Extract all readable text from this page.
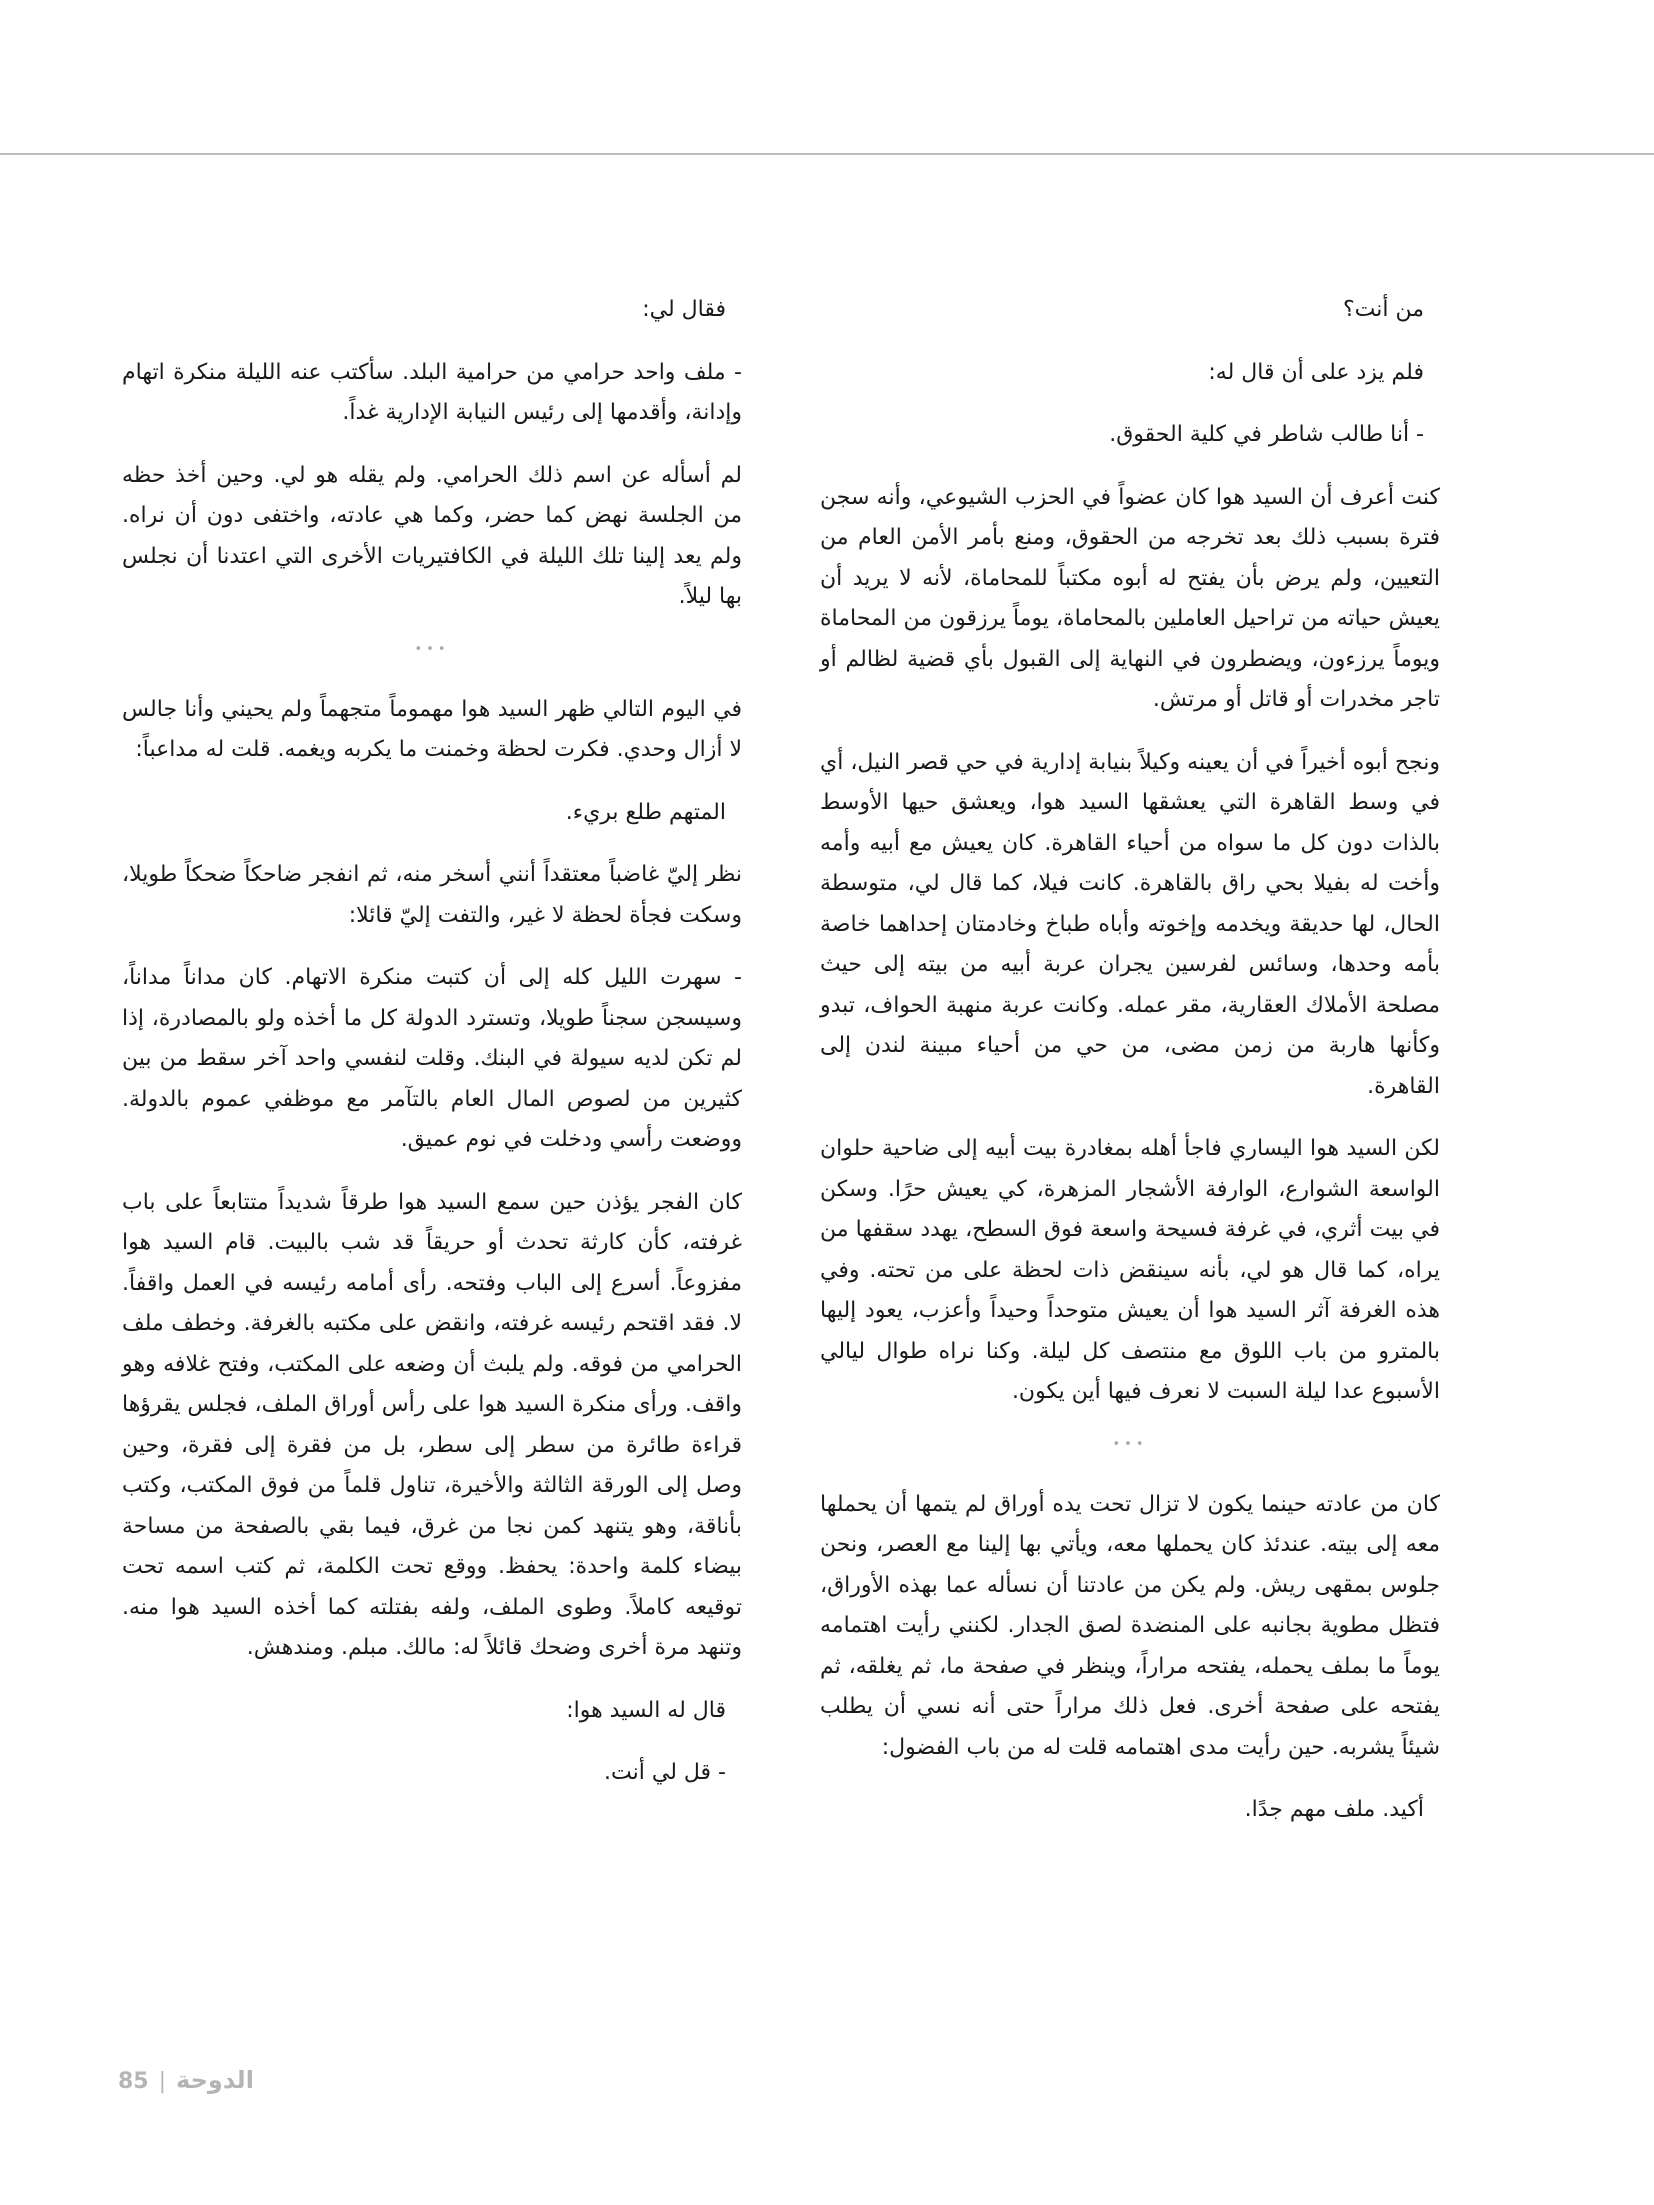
من أنت؟

فلم يزد على أن قال له:

- أنا طالب شاطر في كلية الحقوق.

كنت أعرف أن السيد هوا كان عضواً في الحزب الشيوعي، وأنه سجن فترة بسبب ذلك بعد تخرجه من الحقوق، ومنع بأمر الأمن العام من التعيين، ولم يرض بأن يفتح له أبوه مكتباً للمحاماة، لأنه لا يريد أن يعيش حياته من تراحيل العاملين بالمحاماة، يوماً يرزقون من المحاماة ويوماً يرزءون، ويضطرون في النهاية إلى القبول بأي قضية لظالم أو تاجر مخدرات أو قاتل أو مرتش.

ونجح أبوه أخيراً في أن يعينه وكيلاً بنيابة إدارية في حي قصر النيل، أي في وسط القاهرة التي يعشقها السيد هوا، ويعشق حيها الأوسط بالذات دون كل ما سواه من أحياء القاهرة. كان يعيش مع أبيه وأمه وأخت له بفيلا بحي راق بالقاهرة. كانت فيلا، كما قال لي، متوسطة الحال، لها حديقة ويخدمه وإخوته وأباه طباخ وخادمتان إحداهما خاصة بأمه وحدها، وسائس لفرسين يجران عربة أبيه من بيته إلى حيث مصلحة الأملاك العقارية، مقر عمله. وكانت عربة منهبة الحواف، تبدو وكأنها هاربة من زمن مضى، من حي من أحياء مبينة لندن إلى القاهرة.

لكن السيد هوا اليساري فاجأ أهله بمغادرة بيت أبيه إلى ضاحية حلوان الواسعة الشوارع، الوارفة الأشجار المزهرة، كي يعيش حرًا. وسكن في بيت أثري، في غرفة فسيحة واسعة فوق السطح، يهدد سقفها من يراه، كما قال هو لي، بأنه سينقض ذات لحظة على من تحته. وفي هذه الغرفة آثر السيد هوا أن يعيش متوحداً وحيداً وأعزب، يعود إليها بالمترو من باب اللوق مع منتصف كل ليلة. وكنا نراه طوال ليالي الأسبوع عدا ليلة السبت لا نعرف فيها أين يكون.

•••

كان من عادته حينما يكون لا تزال تحت يده أوراق لم يتمها أن يحملها معه إلى بيته. عندئذ كان يحملها معه، ويأتي بها إلينا مع العصر، ونحن جلوس بمقهى ريش. ولم يكن من عادتنا أن نسأله عما بهذه الأوراق، فتظل مطوية بجانبه على المنضدة لصق الجدار. لكنني رأيت اهتمامه يوماً ما بملف يحمله، يفتحه مراراً، وينظر في صفحة ما، ثم يغلقه، ثم يفتحه على صفحة أخرى. فعل ذلك مراراً حتى أنه نسي أن يطلب شيئاً يشربه. حين رأيت مدى اهتمامه قلت له من باب الفضول:

أكيد. ملف مهم جدًا.

فقال لي:

- ملف واحد حرامي من حرامية البلد. سأكتب عنه الليلة منكرة اتهام وإدانة، وأقدمها إلى رئيس النيابة الإدارية غداً.

لم أسأله عن اسم ذلك الحرامي. ولم يقله هو لي. وحين أخذ حظه من الجلسة نهض كما حضر، وكما هي عادته، واختفى دون أن نراه. ولم يعد إلينا تلك الليلة في الكافتيريات الأخرى التي اعتدنا أن نجلس بها ليلاً.

•••

في اليوم التالي ظهر السيد هوا مهموماً متجهماً ولم يحيني وأنا جالس لا أزال وحدي. فكرت لحظة وخمنت ما يكربه ويغمه. قلت له مداعباً:

المتهم طلع بريء.

نظر إليّ غاضباً معتقداً أنني أسخر منه، ثم انفجر ضاحكاً ضحكاً طويلا، وسكت فجأة لحظة لا غير، والتفت إليّ قائلا:

- سهرت الليل كله إلى أن كتبت منكرة الاتهام. كان مداناً مداناً، وسيسجن سجناً طويلا، وتسترد الدولة كل ما أخذه ولو بالمصادرة، إذا لم تكن لديه سيولة في البنك. وقلت لنفسي واحد آخر سقط من بين كثيرين من لصوص المال العام بالتآمر مع موظفي عموم بالدولة. ووضعت رأسي ودخلت في نوم عميق.

كان الفجر يؤذن حين سمع السيد هوا طرقاً شديداً متتابعاً على باب غرفته، كأن كارثة تحدث أو حريقاً قد شب بالبيت. قام السيد هوا مفزوعاً. أسرع إلى الباب وفتحه. رأى أمامه رئيسه في العمل واقفاً. لا. فقد اقتحم رئيسه غرفته، وانقض على مكتبه بالغرفة. وخطف ملف الحرامي من فوقه. ولم يلبث أن وضعه على المكتب، وفتح غلافه وهو واقف. ورأى منكرة السيد هوا على رأس أوراق الملف، فجلس يقرؤها قراءة طائرة من سطر إلى سطر، بل من فقرة إلى فقرة، وحين وصل إلى الورقة الثالثة والأخيرة، تناول قلماً من فوق المكتب، وكتب بأناقة، وهو يتنهد كمن نجا من غرق، فيما بقي بالصفحة من مساحة بيضاء كلمة واحدة: يحفظ. ووقع تحت الكلمة، ثم كتب اسمه تحت توقيعه كاملاً. وطوى الملف، ولفه بفتلته كما أخذه السيد هوا منه. وتنهد مرة أخرى وضحك قائلاً له: مالك. مبلم. ومندهش.

قال له السيد هوا:

- قل لي أنت.

85 | الدوحة
